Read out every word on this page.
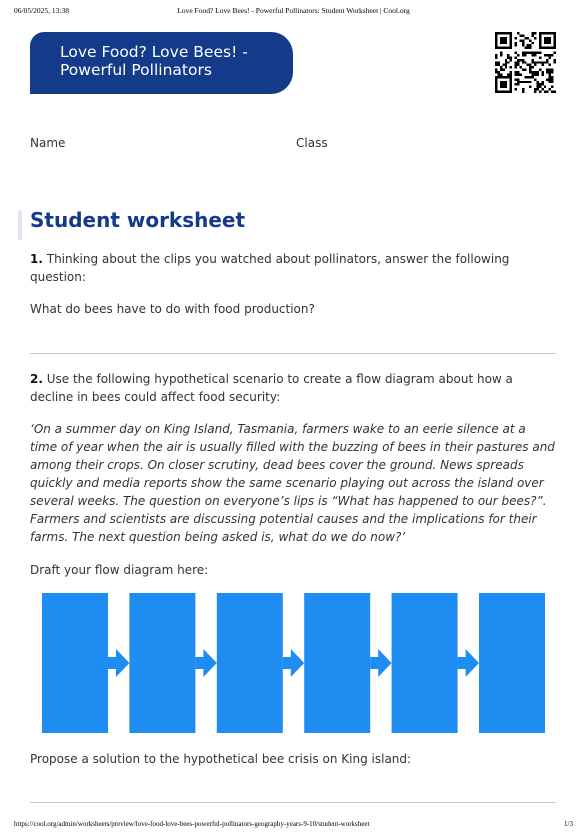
06/05/2025, 13:38	Love Food? Love Bees! - Powerful Pollinators: Student Worksheet | Cool.org
Love Food? Love Bees! -
Powerful Pollinators
Name	Class
Student worksheet

1. Thinking about the clips you watched about pollinators, answer the following question:

What do bees have to do with food production?

2. Use the following hypothetical scenario to create a flow diagram about how a decline in bees could affect food security:

‘On a summer day on King Island, Tasmania, farmers wake to an eerie silence at a time of year when the air is usually filled with the buzzing of bees in their pastures and among their crops. On closer scrutiny, dead bees cover the ground. News spreads quickly and media reports show the same scenario playing out across the island over several weeks. The question on everyone’s lips is “What has happened to our bees?”. Farmers and scientists are discussing potential causes and the implications for their farms. The next question being asked is, what do we do now?’

Draft your flow diagram here:

Propose a solution to the hypothetical bee crisis on King island:

https://cool.org/admin/worksheets/preview/love-food-love-bees-powerful-pollinators-geography-years-9-10/student-worksheet	1/3
